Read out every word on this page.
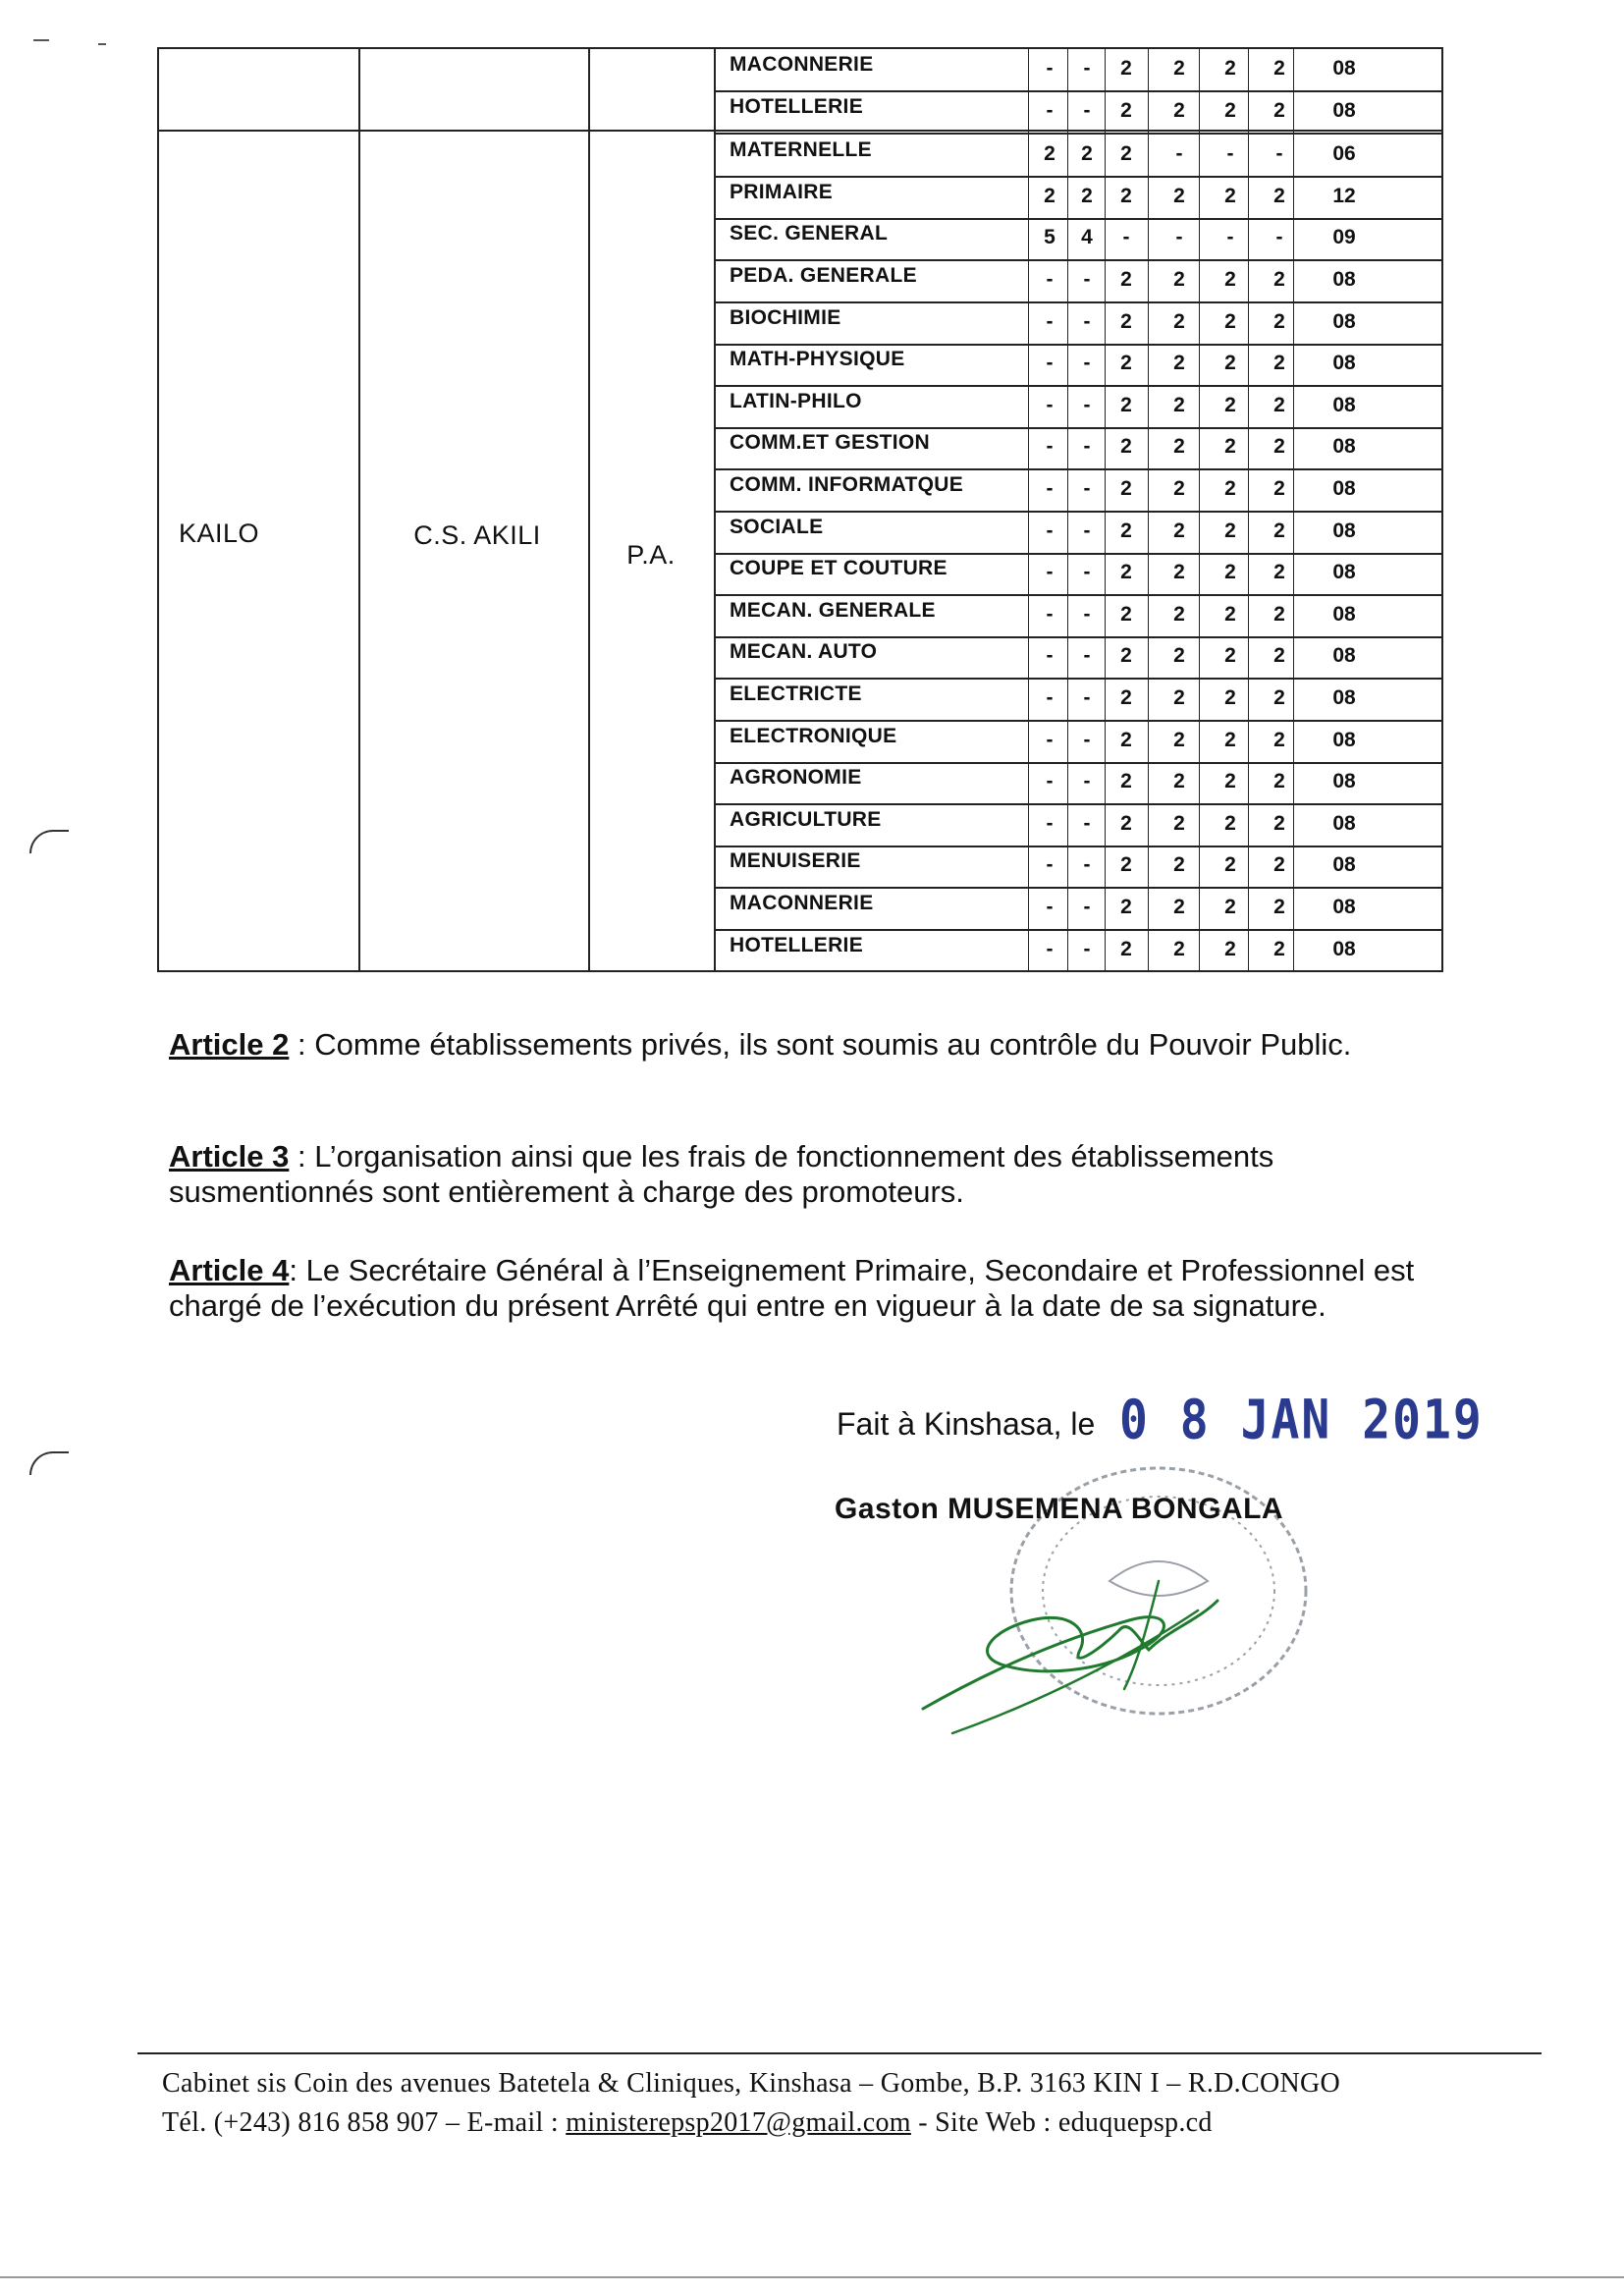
KAILO	C.S. AKILI
P.A.
MACONNERIE	-	-	2	2	2	2	08
HOTELLERIE	-	-	2	2	2	2	08
MATERNELLE	2	2	2	-	-	-	06
PRIMAIRE	2	2	2	2	2	2	12
SEC. GENERAL	5	4	-	-	-	-	09
PEDA. GENERALE	-	-	2	2	2	2	08
BIOCHIMIE	-	-	2	2	2	2	08
MATH-PHYSIQUE	-	-	2	2	2	2	08
LATIN-PHILO	-	-	2	2	2	2	08
COMM.ET GESTION	-	-	2	2	2	2	08
COMM. INFORMATQUE	-	-	2	2	2	2	08
SOCIALE	-	-	2	2	2	2	08
COUPE ET COUTURE	-	-	2	2	2	2	08
MECAN. GENERALE	-	-	2	2	2	2	08
MECAN. AUTO	-	-	2	2	2	2	08
ELECTRICTE	-	-	2	2	2	2	08
ELECTRONIQUE	-	-	2	2	2	2	08
AGRONOMIE	-	-	2	2	2	2	08
AGRICULTURE	-	-	2	2	2	2	08
MENUISERIE	-	-	2	2	2	2	08
MACONNERIE	-	-	2	2	2	2	08
HOTELLERIE	-	-	2	2	2	2	08
Article 2 : Comme établissements privés, ils sont soumis au contrôle du Pouvoir Public.
Article 3 : L’organisation ainsi que les frais de fonctionnement des établissements susmentionnés sont entièrement à charge des promoteurs.
Article 4: Le Secrétaire Général à l’Enseignement Primaire, Secondaire et Professionnel est chargé de l’exécution du présent Arrêté qui entre en vigueur à la date de sa signature.
Fait à Kinshasa, le 0 8 JAN 2019
Gaston MUSEMENA BONGALA
Cabinet sis Coin des avenues Batetela & Cliniques, Kinshasa – Gombe, B.P. 3163 KIN I – R.D.CONGO
Tél. (+243) 816 858 907 – E-mail : ministerepsp2017@gmail.com - Site Web : eduquepsp.cd
